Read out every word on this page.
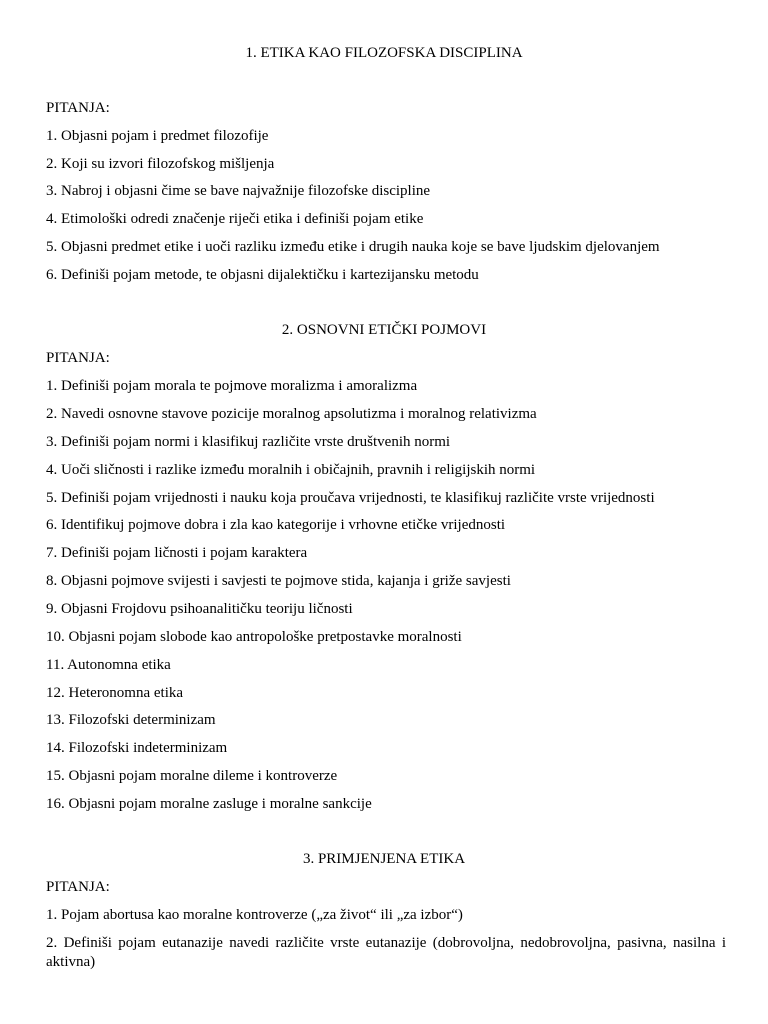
1. ETIKA KAO FILOZOFSKA DISCIPLINA
PITANJA:
1. Objasni pojam i predmet filozofije
2. Koji su izvori filozofskog mišljenja
3. Nabroj i objasni čime se bave najvažnije filozofske discipline
4. Etimološki odredi značenje riječi etika i definiši pojam etike
5. Objasni predmet etike i uoči razliku između etike i drugih nauka koje se bave ljudskim djelovanjem
6. Definiši pojam metode, te objasni dijalektičku i kartezijansku metodu
2. OSNOVNI ETIČKI POJMOVI
PITANJA:
1. Definiši pojam morala te pojmove moralizma i amoralizma
2. Navedi osnovne stavove pozicije moralnog apsolutizma i moralnog relativizma
3. Definiši pojam normi i klasifikuj različite vrste društvenih normi
4. Uoči sličnosti i razlike između moralnih i običajnih, pravnih i religijskih normi
5. Definiši pojam vrijednosti i nauku koja proučava vrijednosti, te klasifikuj različite vrste vrijednosti
6. Identifikuj pojmove dobra i zla kao kategorije i vrhovne etičke vrijednosti
7. Definiši pojam ličnosti i pojam karaktera
8. Objasni pojmove svijesti i savjesti te pojmove stida, kajanja i griže savjesti
9. Objasni Frojdovu psihoanalitičku teoriju ličnosti
10. Objasni pojam slobode kao antropološke pretpostavke moralnosti
11. Autonomna etika
12. Heteronomna etika
13. Filozofski determinizam
14. Filozofski indeterminizam
15. Objasni pojam moralne dileme i kontroverze
16. Objasni pojam moralne zasluge i moralne sankcije
3. PRIMJENJENA ETIKA
PITANJA:
1. Pojam abortusa kao moralne kontroverze („za život“ ili „za izbor“)
2. Definiši pojam eutanazije navedi različite vrste eutanazije (dobrovoljna, nedobrovoljna, pasivna, nasilna i aktivna)
